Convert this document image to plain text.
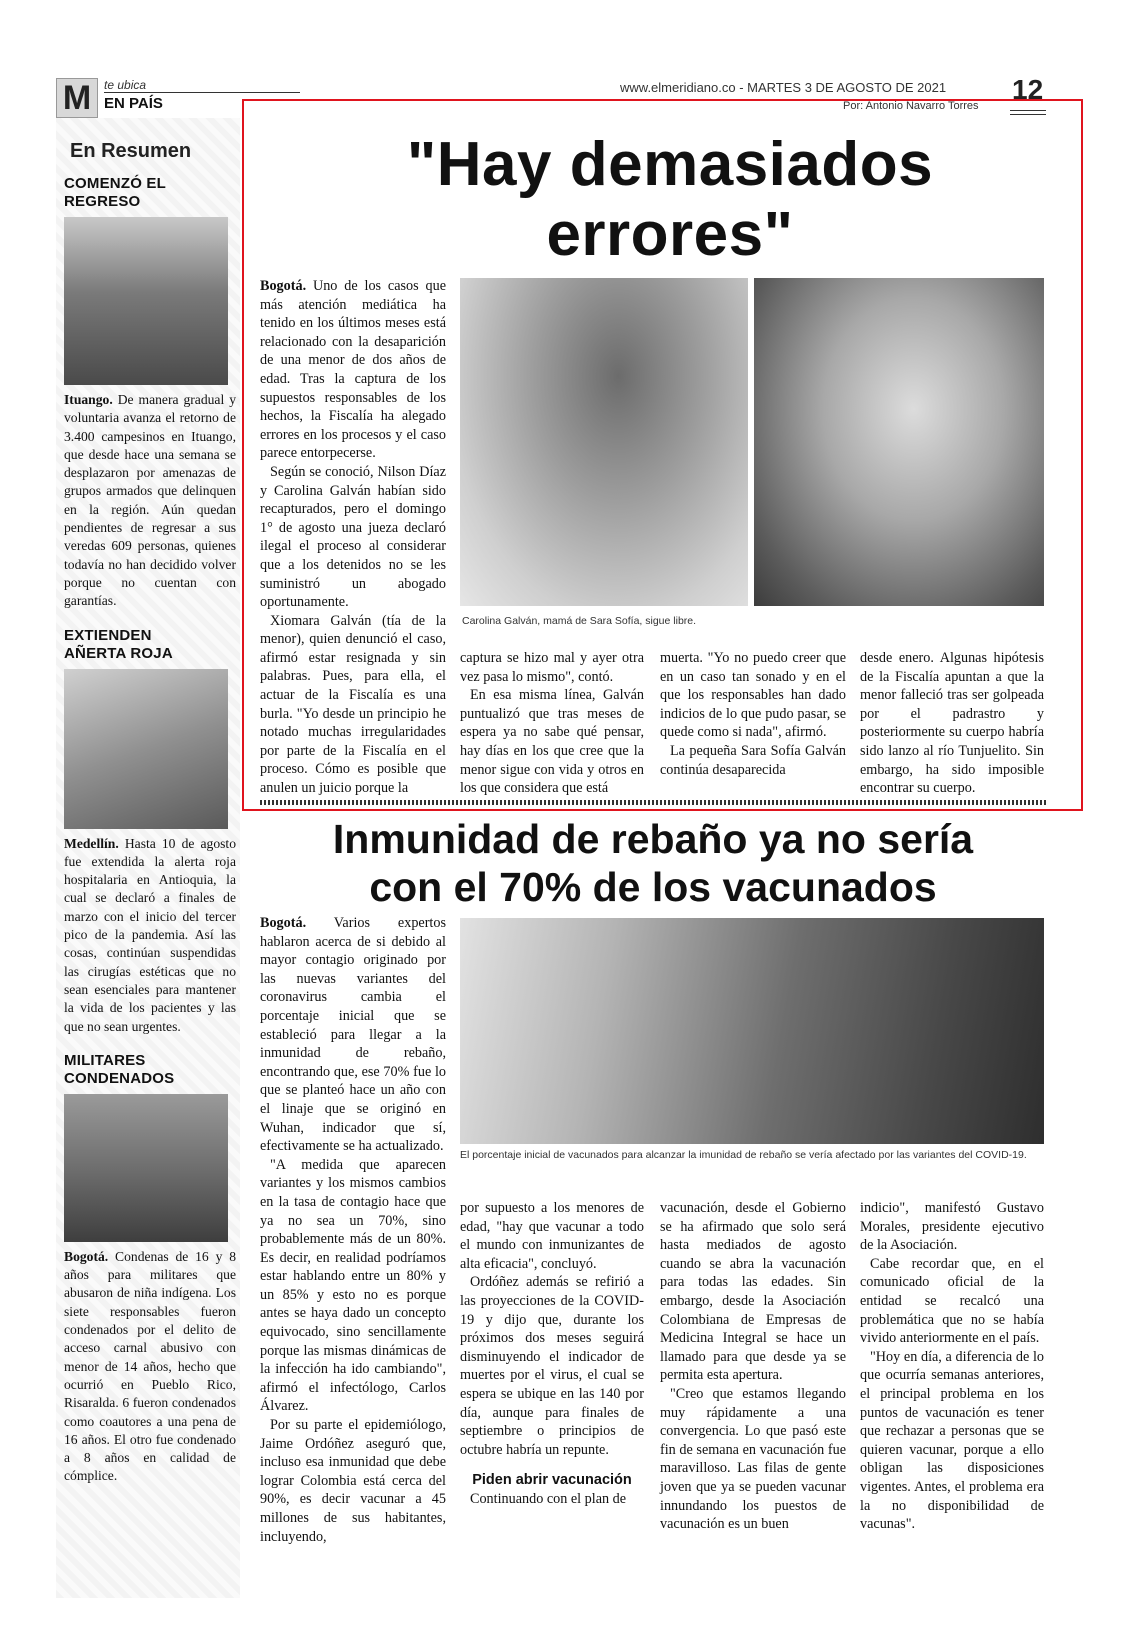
M	te ubica
EN PAÍS
www.elmeridiano.co - MARTES 3 DE AGOSTO DE 2021	12
Por: Antonio Navarro Torres
En Resumen
COMENZÓ EL REGRESO
Ituango. De manera gradual y voluntaria avanza el retorno de 3.400 campesinos en Ituango, que desde hace una semana se desplazaron por amenazas de grupos armados que delinquen en la región. Aún quedan pendientes de regresar a sus veredas 609 personas, quienes todavía no han decidido volver porque no cuentan con garantías.
EXTIENDEN AÑERTA ROJA
Medellín. Hasta 10 de agosto fue extendida la alerta roja hospitalaria en Antioquia, la cual se declaró a finales de marzo con el inicio del tercer pico de la pandemia. Así las cosas, continúan suspendidas las cirugías estéticas que no sean esenciales para mantener la vida de los pacientes y las que no sean urgentes.
MILITARES CONDENADOS
Bogotá. Condenas de 16 y 8 años para militares que abusaron de niña indígena. Los siete responsables fueron condenados por el delito de acceso carnal abusivo con menor de 14 años, hecho que ocurrió en Pueblo Rico, Risaralda. 6 fueron condenados como coautores a una pena de 16 años. El otro fue condenado a 8 años en calidad de cómplice.
"Hay demasiados errores"

Bogotá. Uno de los casos que más atención mediática ha tenido en los últimos meses está relacionado con la desaparición de una menor de dos años de edad. Tras la captura de los supuestos responsables de los hechos, la Fiscalía ha alegado errores en los procesos y el caso parece entorpecerse.

Según se conoció, Nilson Díaz y Carolina Galván habían sido recapturados, pero el domingo 1° de agosto una jueza declaró ilegal el proceso al considerar que a los detenidos no se les suministró un abogado oportunamente.

Xiomara Galván (tía de la menor), quien denunció el caso, afirmó estar resignada y sin palabras. Pues, para ella, el actuar de la Fiscalía es una burla. "Yo desde un principio he notado muchas irregularidades por parte de la Fiscalía en el proceso. Cómo es posible que anulen un juicio porque la

Carolina Galván, mamá de Sara Sofía, sigue libre.

captura se hizo mal y ayer otra vez pasa lo mismo", contó.

En esa misma línea, Galván puntualizó que tras meses de espera ya no sabe qué pensar, hay días en los que cree que la menor sigue con vida y otros en los que considera que está

muerta. "Yo no puedo creer que en un caso tan sonado y en el que los responsables han dado indicios de lo que pudo pasar, se quede como si nada", afirmó.

La pequeña Sara Sofía Galván continúa desaparecida

desde enero. Algunas hipótesis de la Fiscalía apuntan a que la menor falleció tras ser golpeada por el padrastro y posteriormente su cuerpo habría sido lanzo al río Tunjuelito. Sin embargo, ha sido imposible encontrar su cuerpo.

Inmunidad de rebaño ya no sería
con el 70% de los vacunados

Bogotá. Varios expertos hablaron acerca de si debido al mayor contagio originado por las nuevas variantes del coronavirus cambia el porcentaje inicial que se estableció para llegar a la inmunidad de rebaño, encontrando que, ese 70% fue lo que se planteó hace un año con el linaje que se originó en Wuhan, indicador que sí, efectivamente se ha actualizado.

"A medida que aparecen variantes y los mismos cambios en la tasa de contagio hace que ya no sea un 70%, sino probablemente más de un 80%. Es decir, en realidad podríamos estar hablando entre un 80% y un 85% y esto no es porque antes se haya dado un concepto equivocado, sino sencillamente porque las mismas dinámicas de la infección ha ido cambiando", afirmó el infectólogo, Carlos Álvarez.

Por su parte el epidemiólogo, Jaime Ordóñez aseguró que, incluso esa inmunidad que debe lograr Colombia está cerca del 90%, es decir vacunar a 45 millones de sus habitantes, incluyendo,

El porcentaje inicial de vacunados para alcanzar la imunidad de rebaño se vería afectado por las variantes del COVID-19.

por supuesto a los menores de edad, "hay que vacunar a todo el mundo con inmunizantes de alta eficacia", concluyó.

Ordóñez además se refirió a las proyecciones de la COVID-19 y dijo que, durante los próximos dos meses seguirá disminuyendo el indicador de muertes por el virus, el cual se espera se ubique en las 140 por día, aunque para finales de septiembre o principios de octubre habría un repunte.

Piden abrir vacunación

Continuando con el plan de

vacunación, desde el Gobierno se ha afirmado que solo será hasta mediados de agosto cuando se abra la vacunación para todas las edades. Sin embargo, desde la Asociación Colombiana de Empresas de Medicina Integral se hace un llamado para que desde ya se permita esta apertura.

"Creo que estamos llegando muy rápidamente a una convergencia. Lo que pasó este fin de semana en vacunación fue maravilloso. Las filas de gente joven que ya se pueden vacunar innundando los puestos de vacunación es un buen

indicio", manifestó Gustavo Morales, presidente ejecutivo de la Asociación.

Cabe recordar que, en el comunicado oficial de la entidad se recalcó una problemática que no se había vivido anteriormente en el país.

"Hoy en día, a diferencia de lo que ocurría semanas anteriores, el principal problema en los puntos de vacunación es tener que rechazar a personas que se quieren vacunar, porque a ello obligan las disposiciones vigentes. Antes, el problema era la no disponibilidad de vacunas".
